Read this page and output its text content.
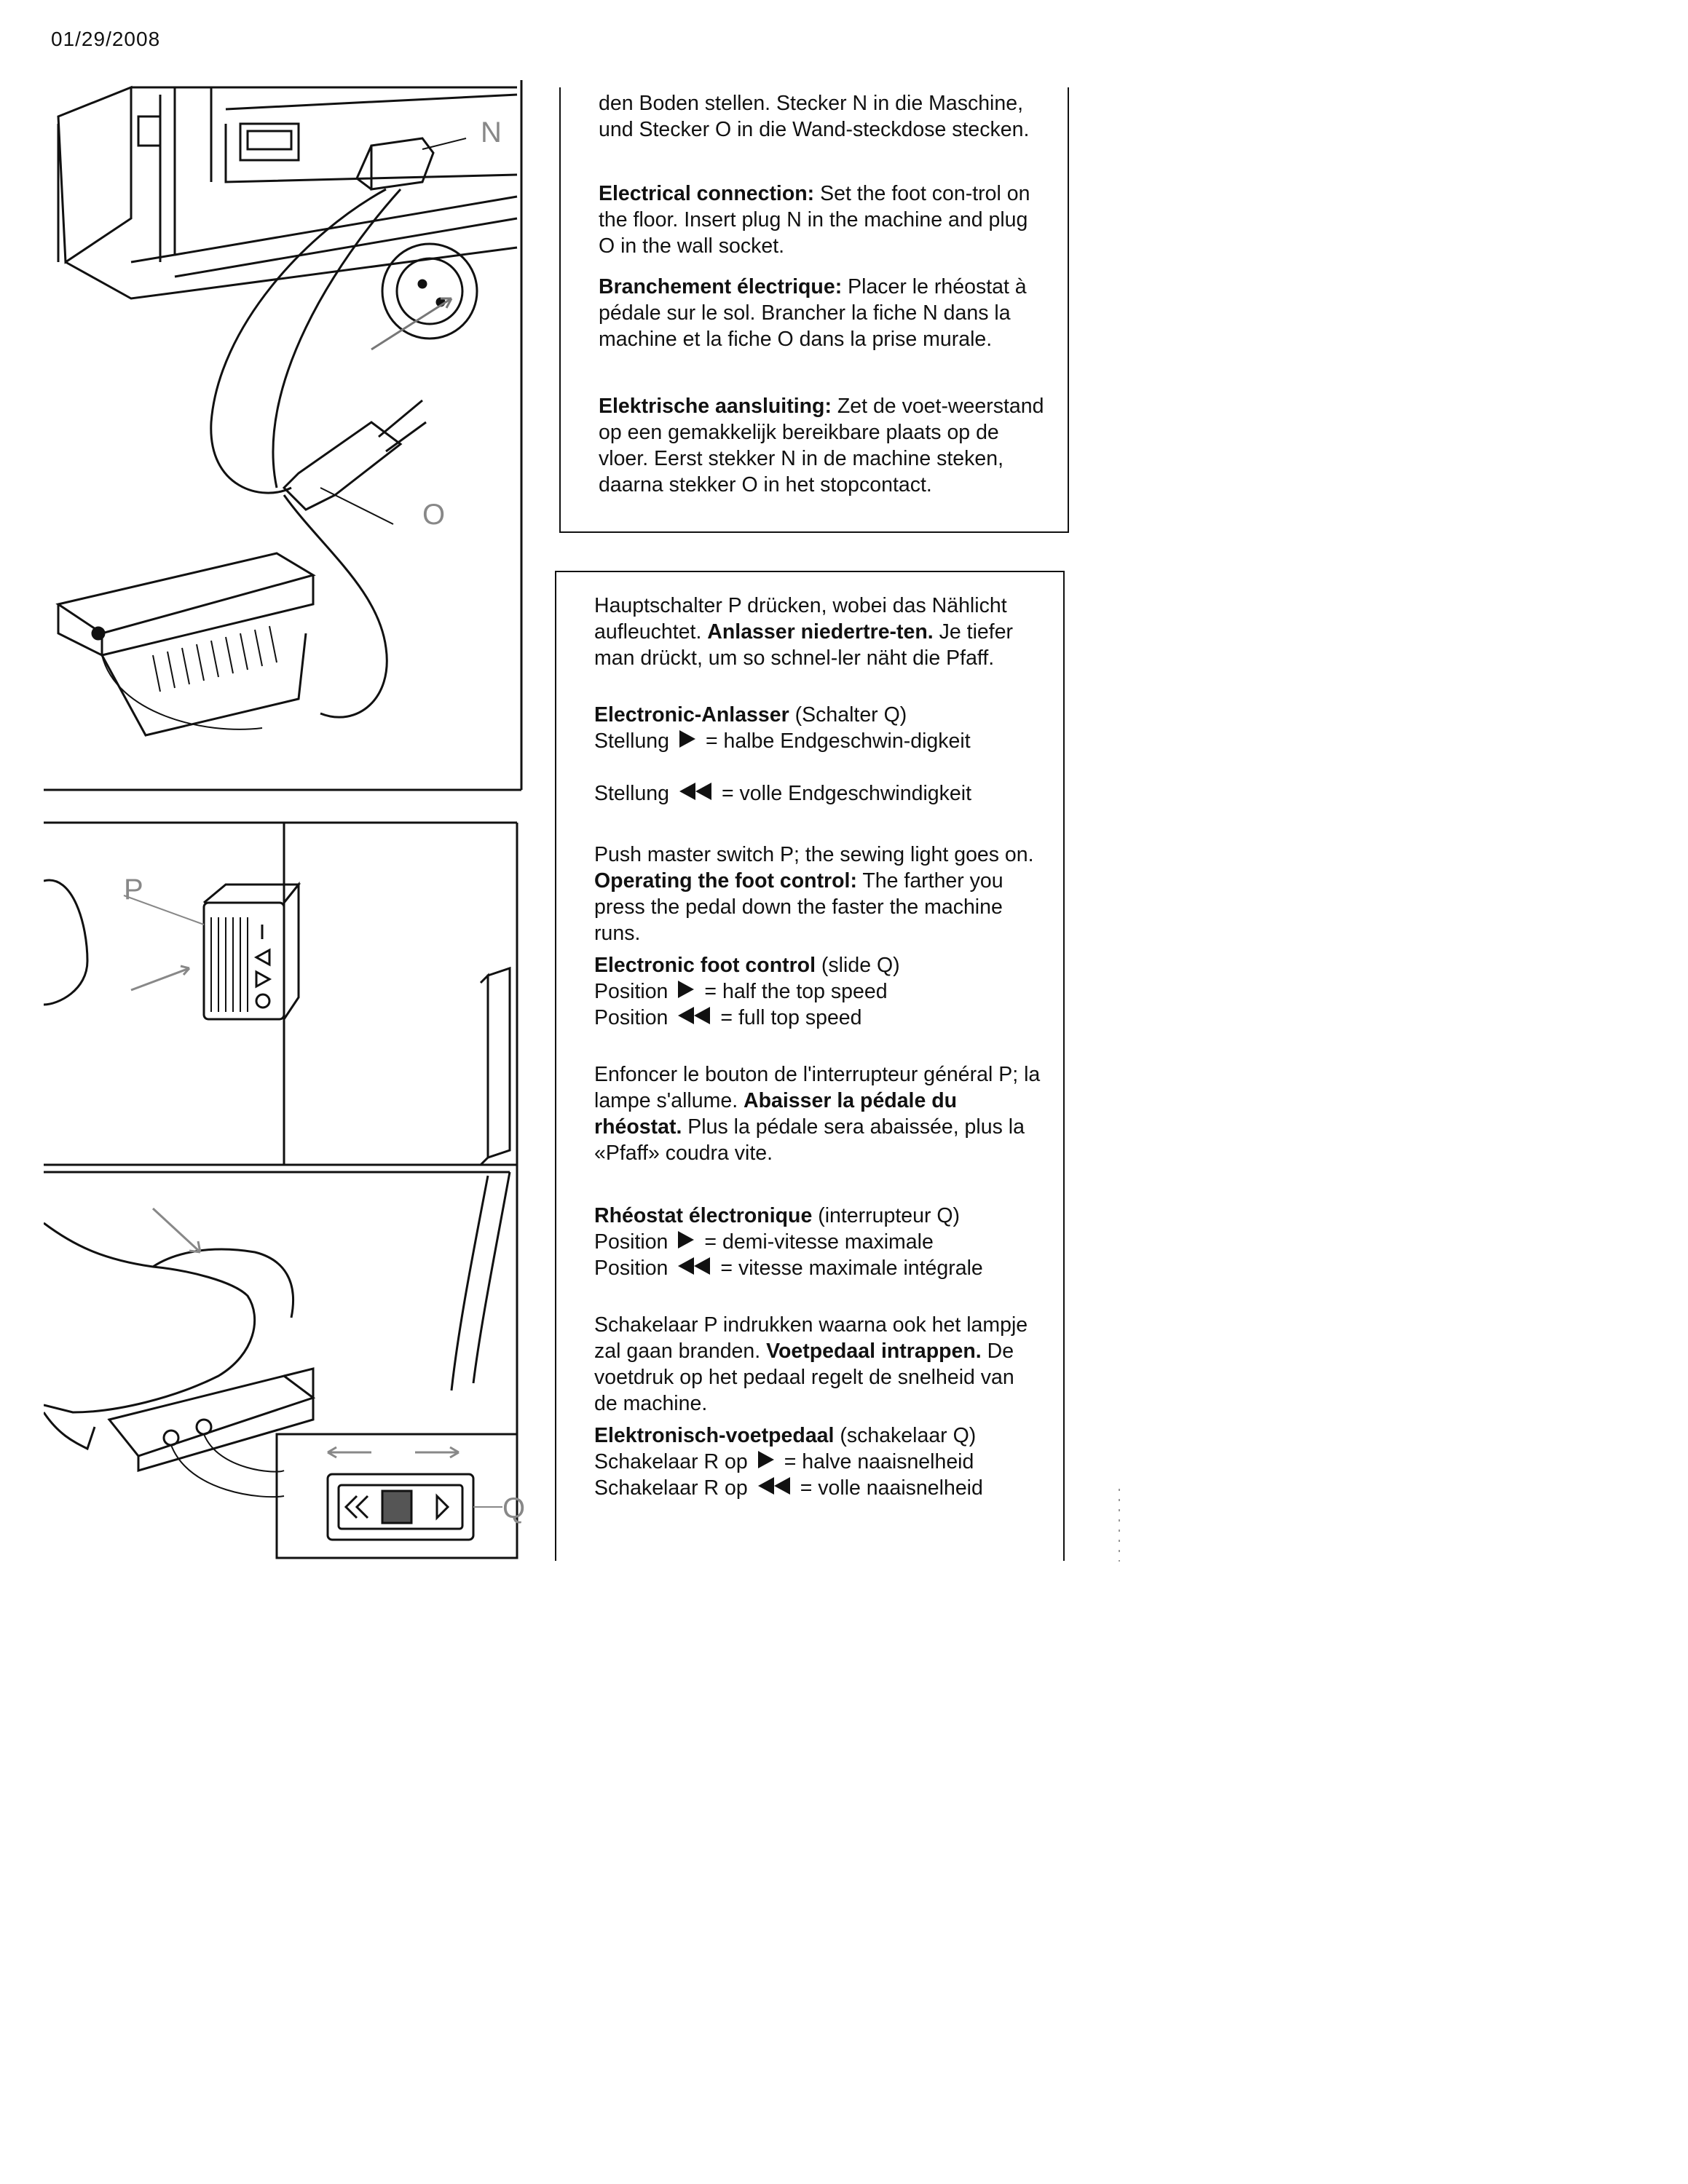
01/29/2008
N
O
P
Q

den Boden stellen. Stecker N in die Maschine, und Stecker O in die Wand-steckdose stecken.

Electrical connection: Set the foot con-trol on the floor. Insert plug N in the machine and plug O in the wall socket.

Branchement électrique: Placer le rhéostat à pédale sur le sol. Brancher la fiche N dans la machine et la fiche O dans la prise murale.

Elektrische aansluiting: Zet de voet-weerstand op een gemakkelijk bereikbare plaats op de vloer. Eerst stekker N in de machine steken, daarna stekker O in het stopcontact.

Hauptschalter P drücken, wobei das Nählicht aufleuchtet. Anlasser niedertre-ten. Je tiefer man drückt, um so schnel-ler näht die Pfaff.

Electronic-Anlasser (Schalter Q)

Stellung = halbe Endgeschwin-digkeit

Stellung	= volle Endgeschwindigkeit

Push master switch P; the sewing light goes on. Operating the foot control: The farther you press the pedal down the faster the machine runs.

Electronic foot control (slide Q)

Position = half the top speed

Position	= full top speed

Enfoncer le bouton de l'interrupteur général P; la lampe s'allume. Abaisser la pédale du rhéostat. Plus la pédale sera abaissée, plus la «Pfaff» coudra vite.

Rhéostat électronique (interrupteur Q)

Position = demi-vitesse maximale

Position	= vitesse maximale intégrale

Schakelaar P indrukken waarna ook het lampje zal gaan branden. Voetpedaal intrappen. De voetdruk op het pedaal regelt de snelheid van de machine.

Elektronisch-voetpedaal (schakelaar Q)

Schakelaar R op = halve naaisnelheid

Schakelaar R op	= volle naaisnelheid
